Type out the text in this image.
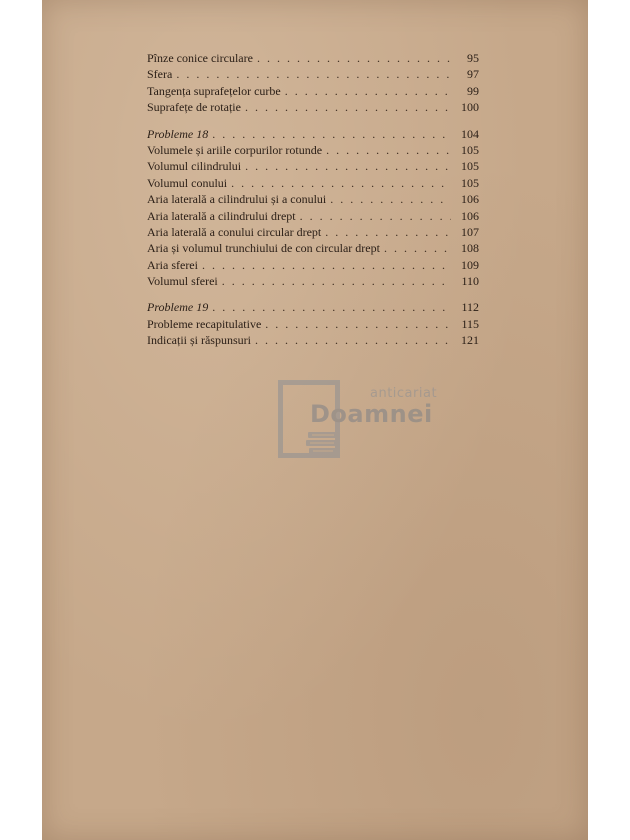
Pînze conice circulare . . .	95
Sfera . . .	97
Tangența suprafețelor curbe . . .	99
Suprafețe de rotație . . .	100
Probleme 18 . . .	104
Volumele și ariile corpurilor rotunde . . .	105
Volumul cilindrului . . .	105
Volumul conului . . .	105
Aria laterală a cilindrului și a conului . . .	106
Aria laterală a cilindrului drept . . .	106
Aria laterală a conului circular drept . . .	107
Aria și volumul trunchiului de con circular drept . . .	108
Aria sferei . . .	109
Volumul sferei . . .	110
Probleme 19 . . .	112
Probleme recapitulative . . .	115
Indicații și răspunsuri . . .	121
anticariat
Doamnei
